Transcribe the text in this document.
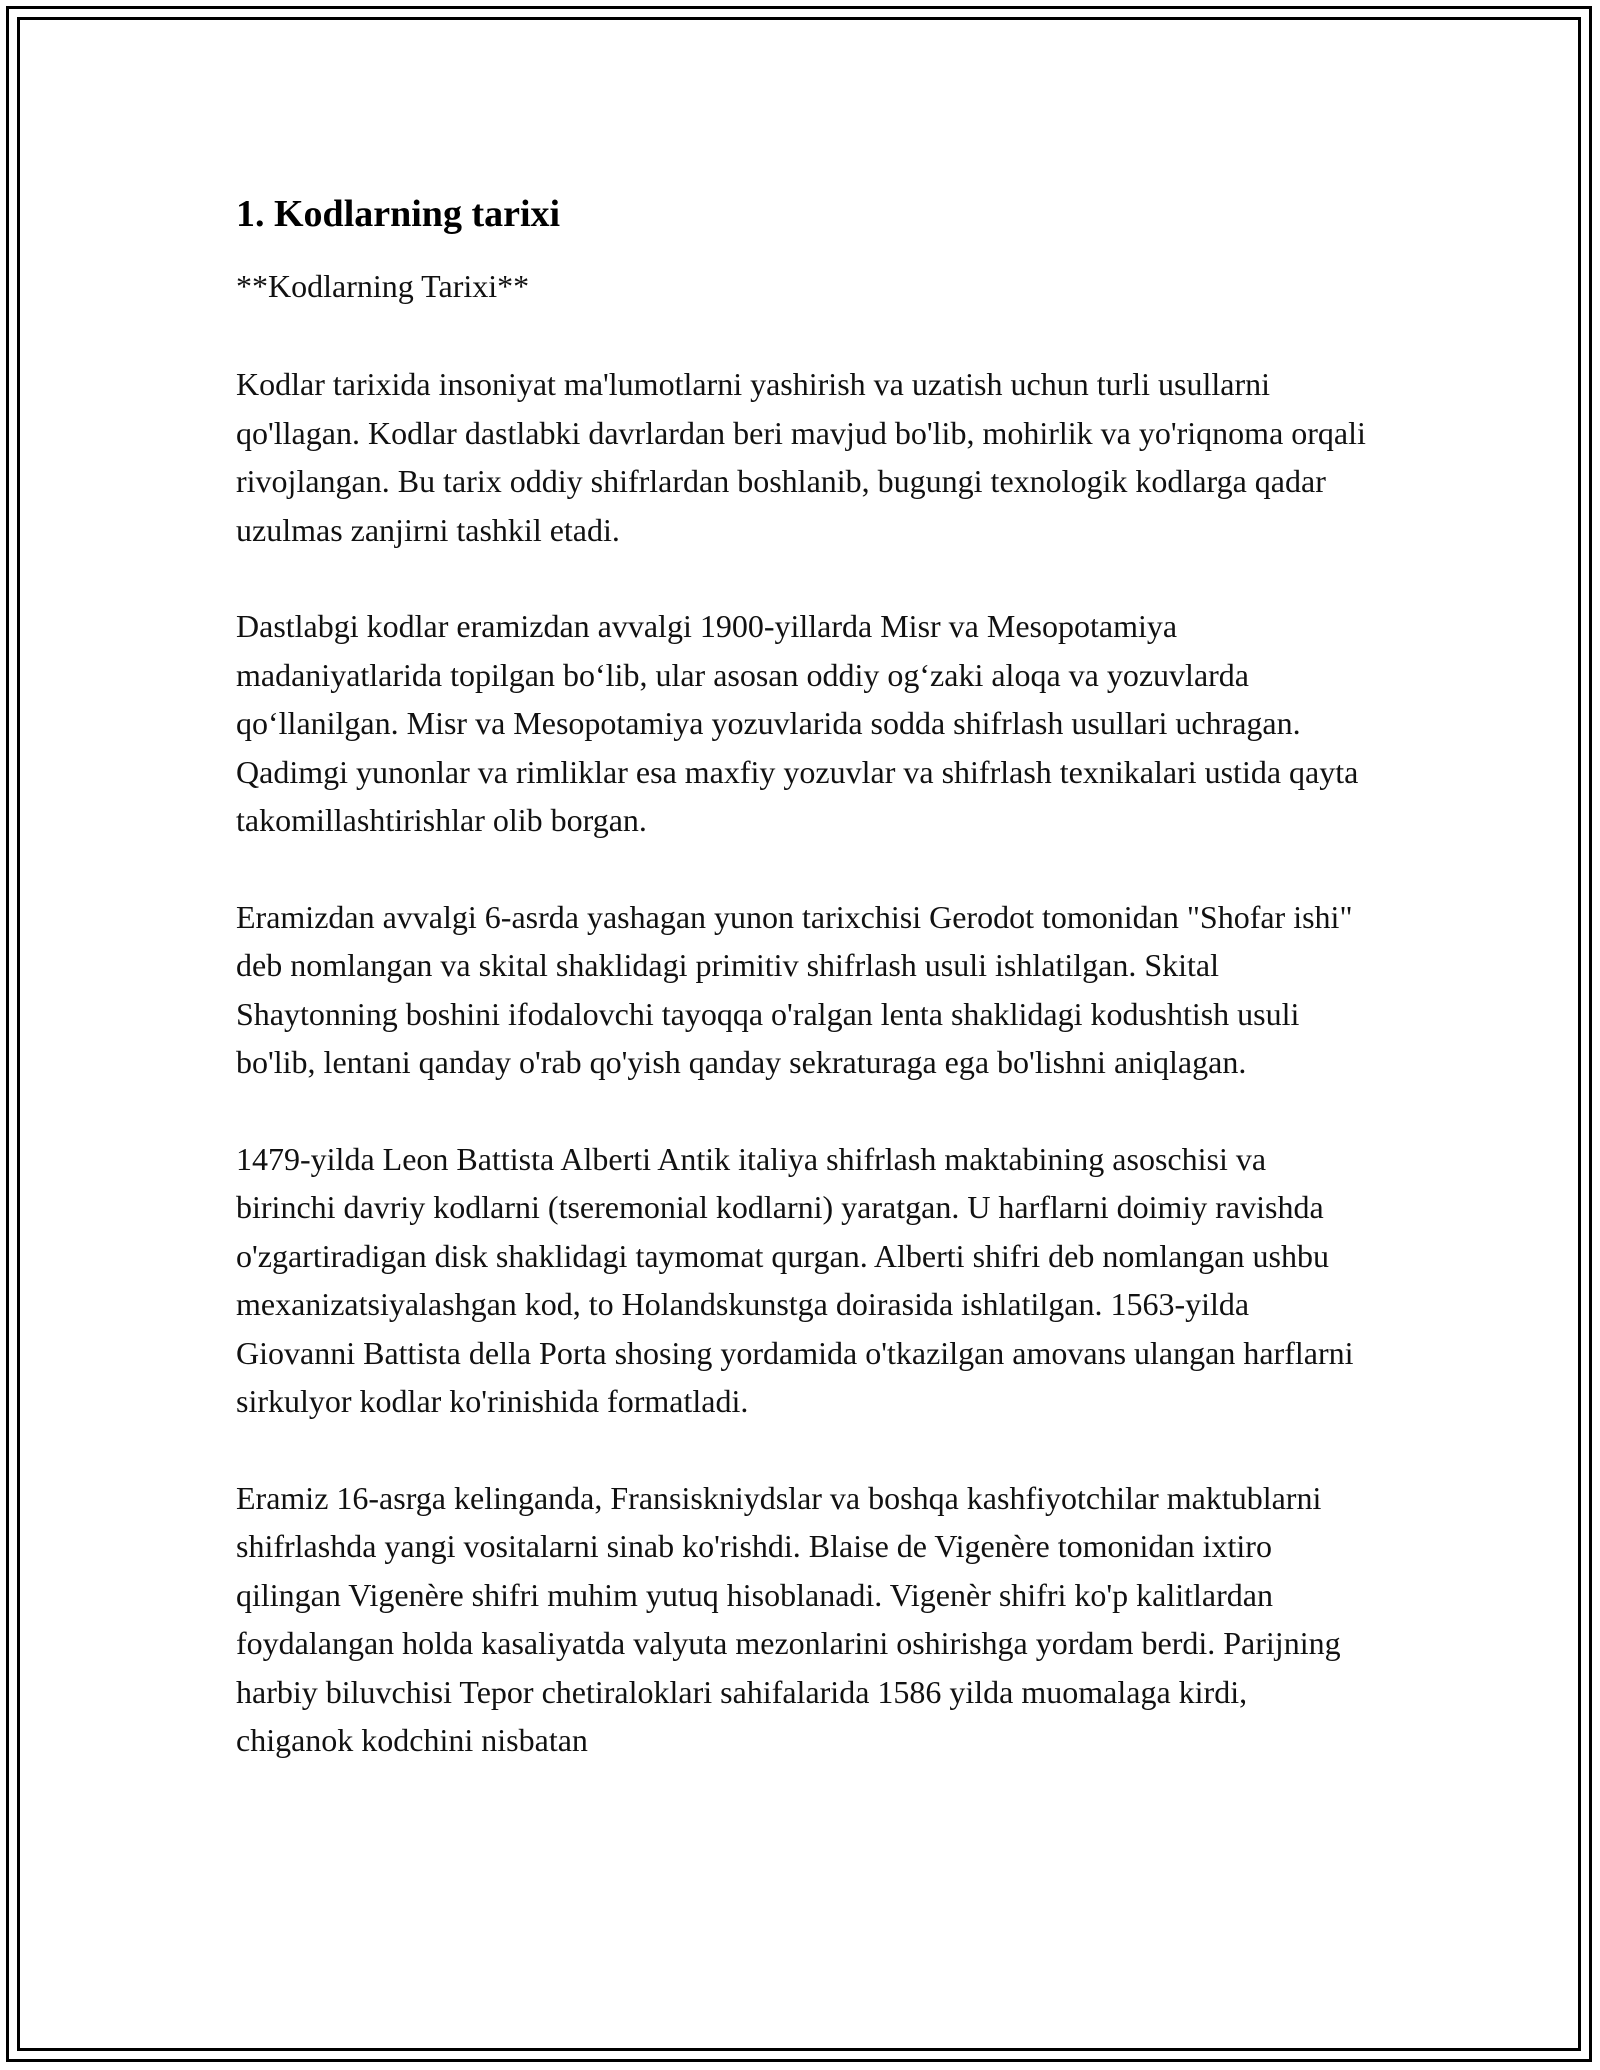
1. Kodlarning tarixi

**Kodlarning Tarixi**

Kodlar tarixida insoniyat ma'lumotlarni yashirish va uzatish uchun turli usullarni qo'llagan. Kodlar dastlabki davrlardan beri mavjud bo'lib, mohirlik va yo'riqnoma orqali rivojlangan. Bu tarix oddiy shifrlardan boshlanib, bugungi texnologik kodlarga qadar uzulmas zanjirni tashkil etadi.

Dastlabgi kodlar eramizdan avvalgi 1900-yillarda Misr va Mesopotamiya madaniyatlarida topilgan bo‘lib, ular asosan oddiy og‘zaki aloqa va yozuvlarda qo‘llanilgan. Misr va Mesopotamiya yozuvlarida sodda shifrlash usullari uchragan. Qadimgi yunonlar va rimliklar esa maxfiy yozuvlar va shifrlash texnikalari ustida qayta takomillashtirishlar olib borgan.

Eramizdan avvalgi 6-asrda yashagan yunon tarixchisi Gerodot tomonidan "Shofar ishi" deb nomlangan va skital shaklidagi primitiv shifrlash usuli ishlatilgan. Skital Shaytonning boshini ifodalovchi tayoqqa o'ralgan lenta shaklidagi kodushtish usuli bo'lib, lentani qanday o'rab qo'yish qanday sekraturaga ega bo'lishni aniqlagan.

1479-yilda Leon Battista Alberti Antik italiya shifrlash maktabining asoschisi va birinchi davriy kodlarni (tseremonial kodlarni) yaratgan. U harflarni doimiy ravishda o'zgartiradigan disk shaklidagi taymomat qurgan. Alberti shifri deb nomlangan ushbu mexanizatsiyalashgan kod, to Holandskunstga doirasida ishlatilgan. 1563-yilda Giovanni Battista della Porta shosing yordamida o'tkazilgan amovans ulangan harflarni sirkulyor kodlar ko'rinishida formatladi.

Eramiz 16-asrga kelinganda, Fransiskniydslar va boshqa kashfiyotchilar maktublarni shifrlashda yangi vositalarni sinab ko'rishdi. Blaise de Vigenère tomonidan ixtiro qilingan Vigenère shifri muhim yutuq hisoblanadi. Vigenèr shifri ko'p kalitlardan foydalangan holda kasaliyatda valyuta mezonlarini oshirishga yordam berdi. Parijning harbiy biluvchisi Tepor chetiraloklari sahifalarida 1586 yilda muomalaga kirdi, chiganok kodchini nisbatan
